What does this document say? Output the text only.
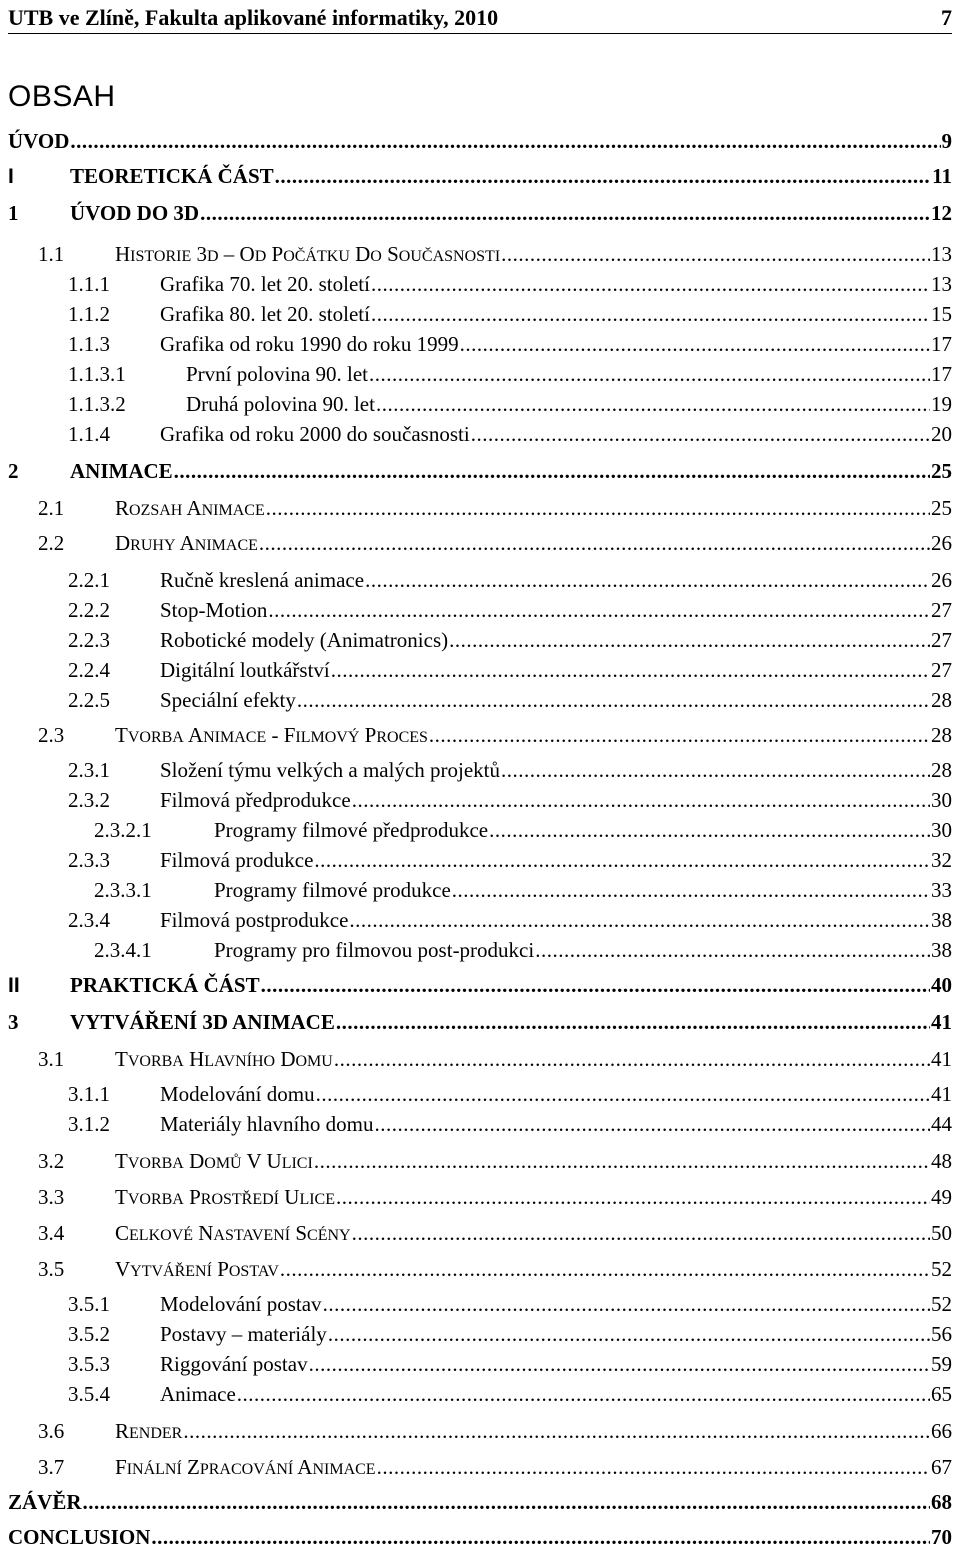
UTB ve Zlíně, Fakulta aplikované informatiky, 2010	7
OBSAH
ÚVOD .....	9
I	TEORETICKÁ ČÁST .....	11
1	ÚVOD DO 3D .....	12
1.1	HISTORIE 3D – OD POČÁTKU DO SOUČASNOSTI .....	13
1.1.1	Grafika 70. let 20. století .....	13
1.1.2	Grafika 80. let 20. století .....	15
1.1.3	Grafika od roku 1990 do roku 1999 .....	17
1.1.3.1	První polovina 90. let .....	17
1.1.3.2	Druhá polovina 90. let .....	19
1.1.4	Grafika od roku 2000 do současnosti .....	20
2	ANIMACE .....	25
2.1	ROZSAH ANIMACE .....	25
2.2	DRUHY ANIMACE .....	26
2.2.1	Ručně kreslená animace .....	26
2.2.2	Stop-Motion .....	27
2.2.3	Robotické modely (Animatronics) .....	27
2.2.4	Digitální loutkářství .....	27
2.2.5	Speciální efekty .....	28
2.3	TVORBA ANIMACE - FILMOVÝ PROCES .....	28
2.3.1	Složení týmu velkých a malých projektů .....	28
2.3.2	Filmová předprodukce .....	30
2.3.2.1	Programy filmové předprodukce .....	30
2.3.3	Filmová produkce .....	32
2.3.3.1	Programy filmové produkce .....	33
2.3.4	Filmová postprodukce .....	38
2.3.4.1	Programy pro filmovou post-produkci .....	38
II	PRAKTICKÁ ČÁST .....	40
3	VYTVÁŘENÍ 3D ANIMACE .....	41
3.1	TVORBA HLAVNÍHO DOMU .....	41
3.1.1	Modelování domu .....	41
3.1.2	Materiály hlavního domu .....	44
3.2	TVORBA DOMŮ V ULICI .....	48
3.3	TVORBA PROSTŘEDÍ ULICE .....	49
3.4	CELKOVÉ NASTAVENÍ SCÉNY .....	50
3.5	VYTVÁŘENÍ POSTAV .....	52
3.5.1	Modelování postav .....	52
3.5.2	Postavy – materiály .....	56
3.5.3	Riggování postav .....	59
3.5.4	Animace .....	65
3.6	RENDER .....	66
3.7	FINÁLNÍ ZPRACOVÁNÍ ANIMACE .....	67
ZÁVĚR .....	68
CONCLUSION .....	70
